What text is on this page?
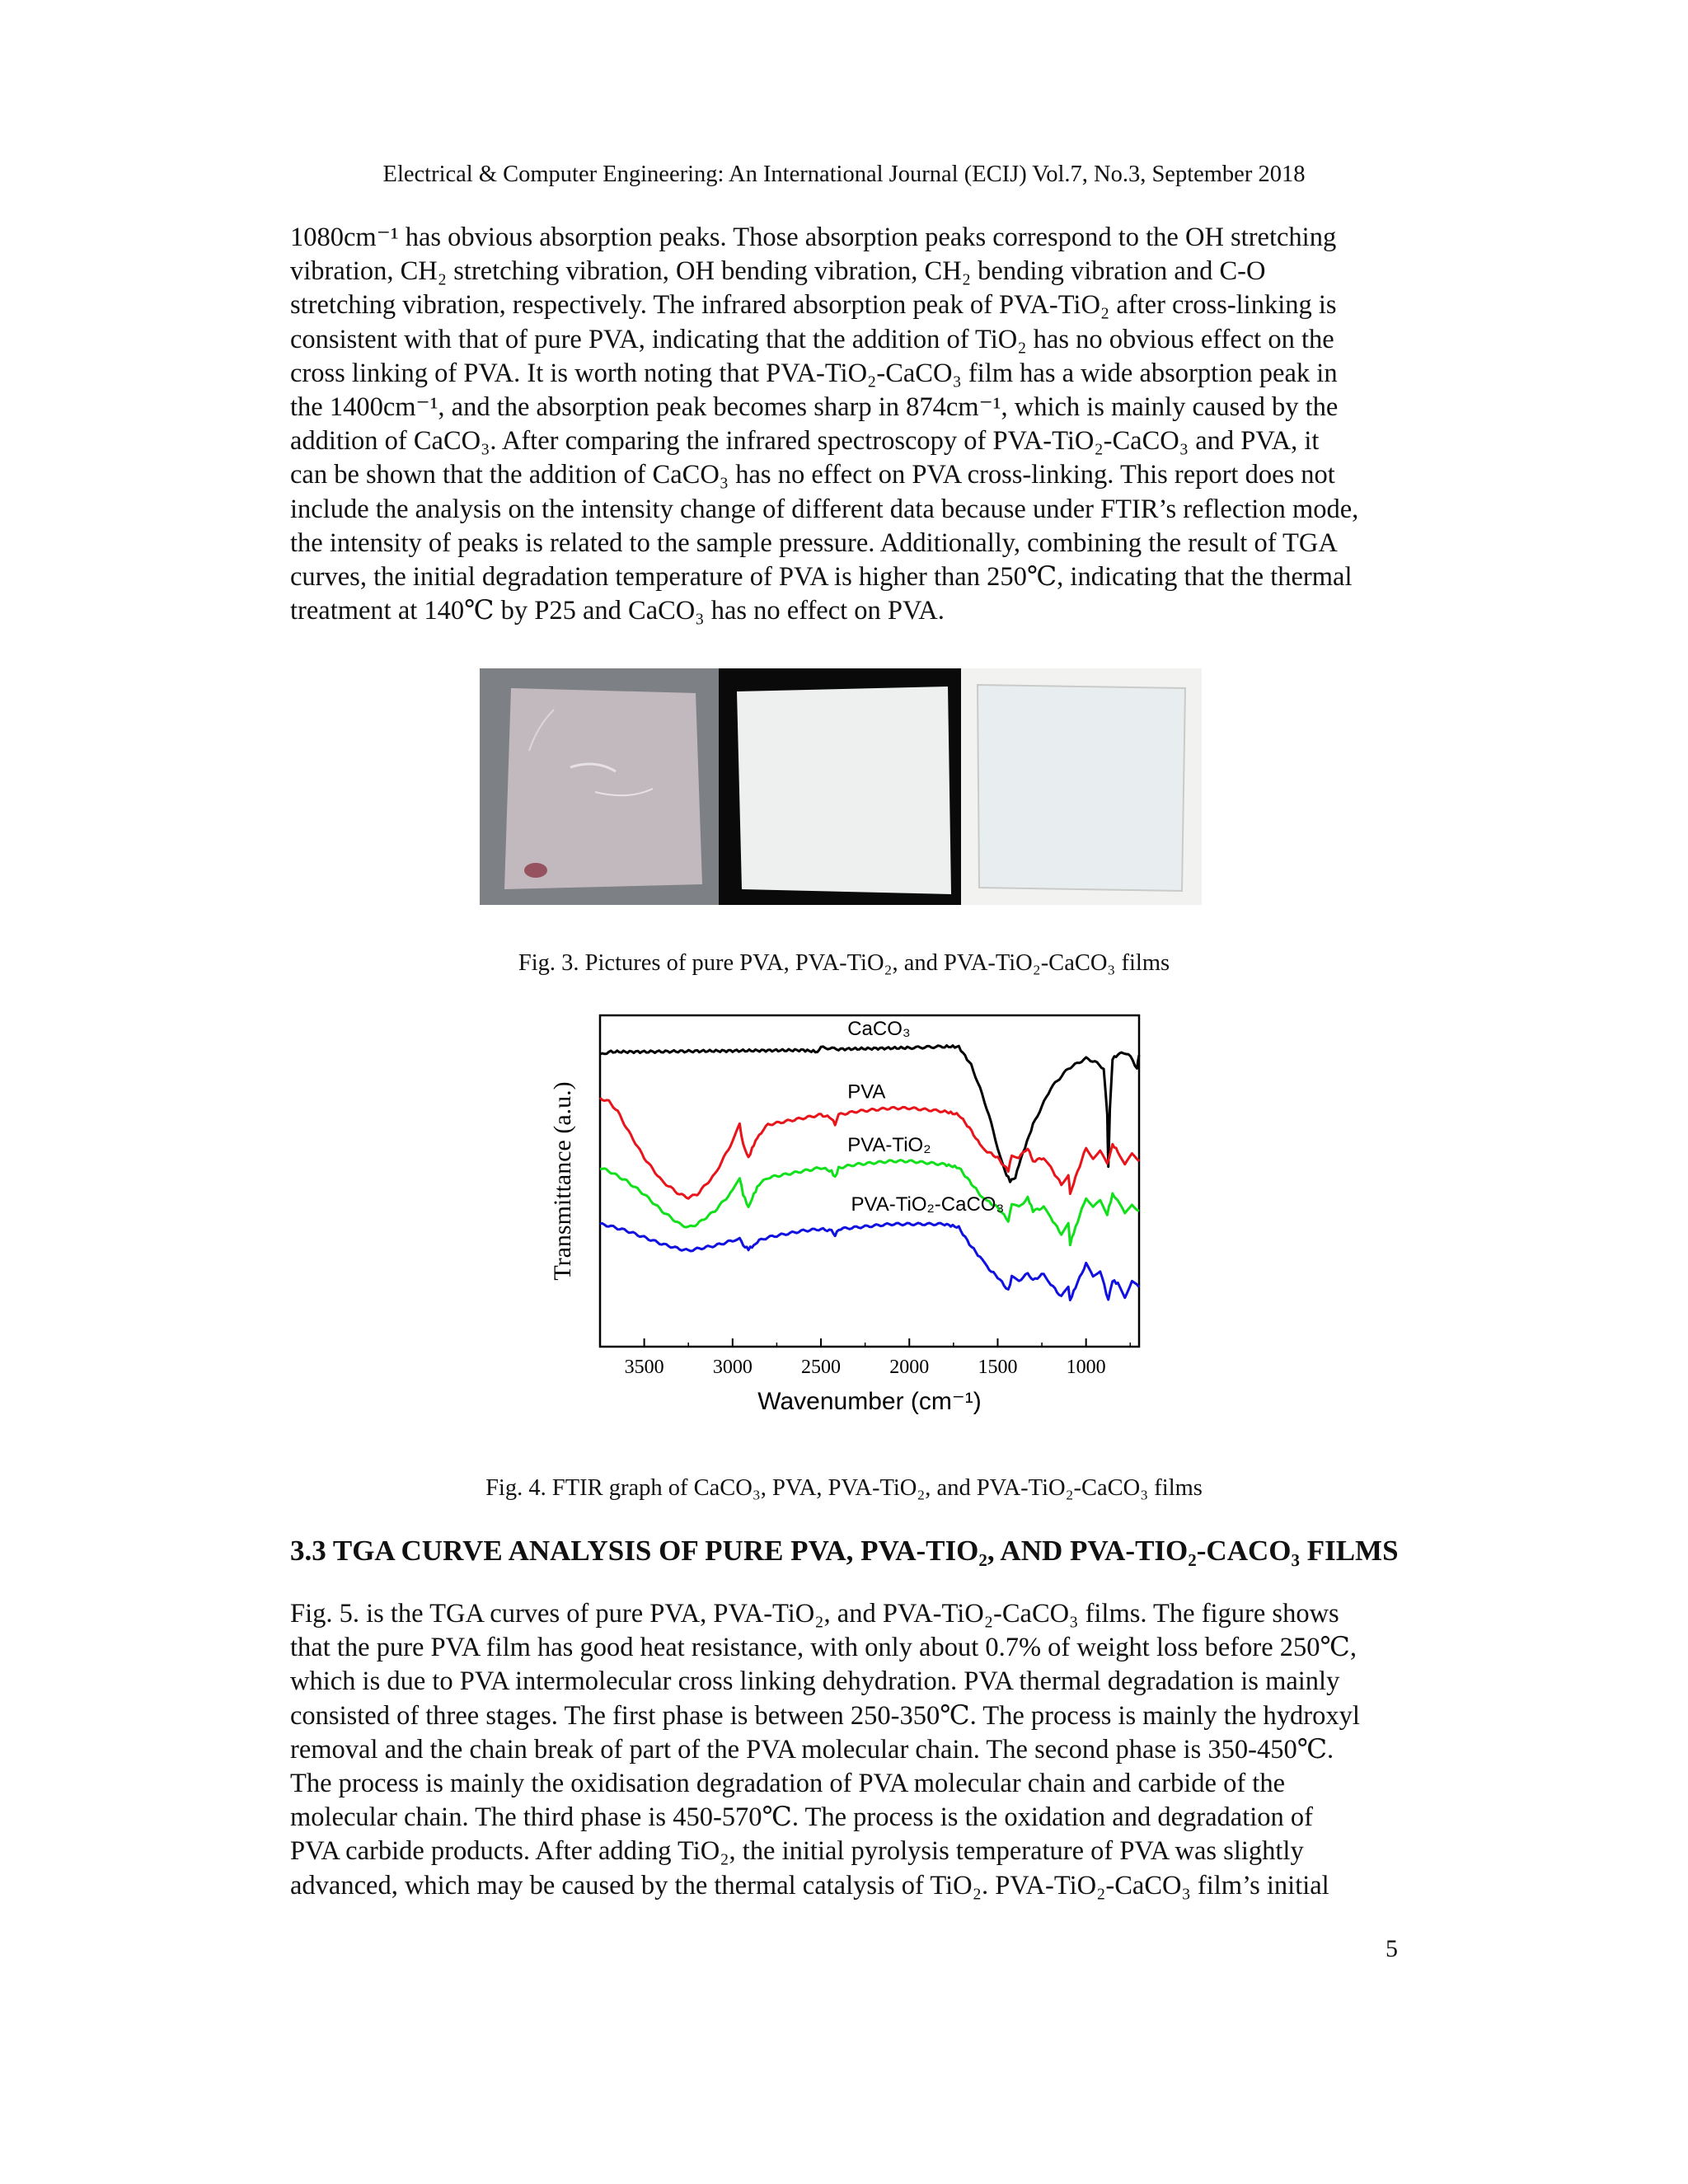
Electrical & Computer Engineering: An International Journal (ECIJ) Vol.7, No.3, September 2018
1080cm⁻¹ has obvious absorption peaks. Those absorption peaks correspond to the OH stretching
vibration, CH₂ stretching vibration, OH bending vibration, CH₂ bending vibration and C-O
stretching vibration, respectively. The infrared absorption peak of PVA-TiO₂ after cross-linking is
consistent with that of pure PVA, indicating that the addition of TiO₂ has no obvious effect on the
cross linking of PVA. It is worth noting that PVA-TiO₂-CaCO₃ film has a wide absorption peak in
the 1400cm⁻¹, and the absorption peak becomes sharp in 874cm⁻¹, which is mainly caused by the
addition of CaCO₃. After comparing the infrared spectroscopy of PVA-TiO₂-CaCO₃ and PVA, it
can be shown that the addition of CaCO₃ has no effect on PVA cross-linking. This report does not
include the analysis on the intensity change of different data because under FTIR’s reflection mode,
the intensity of peaks is related to the sample pressure. Additionally, combining the result of TGA
curves, the initial degradation temperature of PVA is higher than 250℃, indicating that the thermal
treatment at 140℃ by P25 and CaCO₃ has no effect on PVA.
Fig. 3. Pictures of pure PVA, PVA-TiO₂, and PVA-TiO₂-CaCO₃ films
3500 3000 2500 2000 1500 1000
CaCO₃
PVA
PVA-TiO₂
PVA-TiO₂-CaCO₃
Wavenumber (cm⁻¹)
Transmittance (a.u.)
Fig. 4. FTIR graph of CaCO₃, PVA, PVA-TiO₂, and PVA-TiO₂-CaCO₃ films
3.3 TGA CURVE ANALYSIS OF PURE PVA, PVA-TIO₂, AND PVA-TIO₂-CACO₃ FILMS
Fig. 5. is the TGA curves of pure PVA, PVA-TiO₂, and PVA-TiO₂-CaCO₃ films. The figure shows
that the pure PVA film has good heat resistance, with only about 0.7% of weight loss before 250℃,
which is due to PVA intermolecular cross linking dehydration. PVA thermal degradation is mainly
consisted of three stages. The first phase is between 250-350℃. The process is mainly the hydroxyl
removal and the chain break of part of the PVA molecular chain. The second phase is 350-450℃.
The process is mainly the oxidisation degradation of PVA molecular chain and carbide of the
molecular chain. The third phase is 450-570℃. The process is the oxidation and degradation of
PVA carbide products. After adding TiO₂, the initial pyrolysis temperature of PVA was slightly
advanced, which may be caused by the thermal catalysis of TiO₂. PVA-TiO₂-CaCO₃ film’s initial
5
